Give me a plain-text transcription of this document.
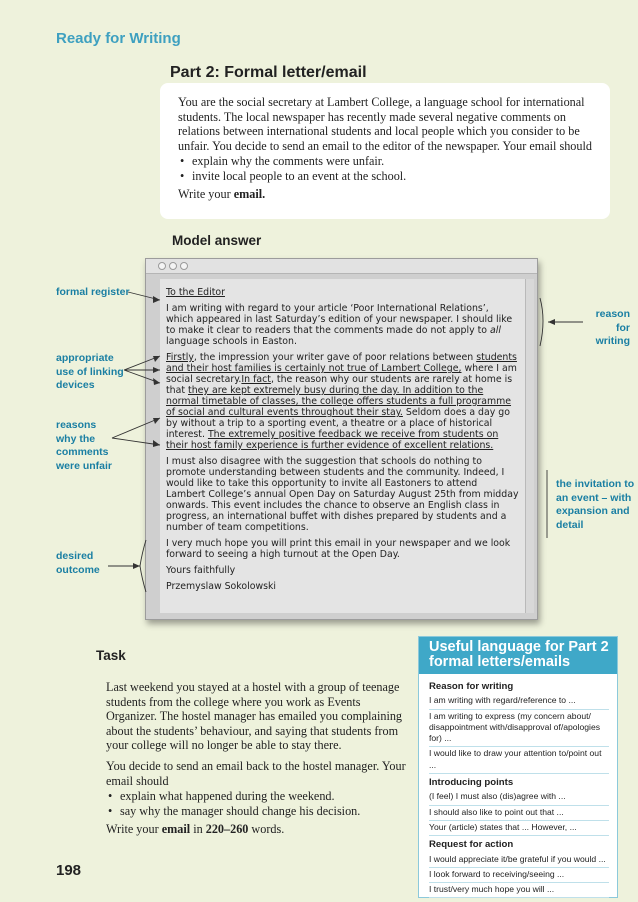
Ready for Writing
Part 2: Formal letter/email

You are the social secretary at Lambert College, a language school for international students. The local newspaper has recently made several negative comments on relations between international students and local people which you consider to be unfair. You decide to send an email to the editor of the newspaper. Your email should

• explain why the comments were unfair.
• invite local people to an event at the school.

Write your email.

Model answer

To the Editor

I am writing with regard to your article ‘Poor International Relations’, which appeared in last Saturday’s edition of your newspaper. I should like to make it clear to readers that the comments made do not apply to all language schools in Easton.

Firstly, the impression your writer gave of poor relations between students and their host families is certainly not true of Lambert College, where I am social secretary.In fact, the reason why our students are rarely at home is that they are kept extremely busy during the day. In addition to the normal timetable of classes, the college offers students a full programme of social and cultural events throughout their stay. Seldom does a day go by without a trip to a sporting event, a theatre or a place of historical interest. The extremely positive feedback we receive from students on their host family experience is further evidence of excellent relations.

I must also disagree with the suggestion that schools do nothing to promote understanding between students and the community. Indeed, I would like to take this opportunity to invite all Eastoners to attend Lambert College’s annual Open Day on Saturday August 25th from midday onwards. This event includes the chance to observe an English class in progress, an international buffet with dishes prepared by students and a number of team competitions.

I very much hope you will print this email in your newspaper and we look forward to seeing a high turnout at the Open Day.

Yours faithfully

Przemyslaw Sokolowski

formal register
appropriate
use of linking
devices
reasons
why the
comments
were unfair
desired
outcome
reason for
writing
the invitation to
an event – with
expansion and
detail
Useful language for Part 2
formal letters/emails
Reason for writing
I am writing with regard/reference to ...
I am writing to express (my concern about/ disappointment with/disapproval of/apologies for) ...
I would like to draw your attention to/point out ...
Introducing points
(I feel) I must also (dis)agree with ...
I should also like to point out that ...
Your (article) states that ... However, ...
Request for action
I would appreciate it/be grateful if you would ...
I look forward to receiving/seeing ...
I trust/very much hope you will ...
Task

Last weekend you stayed at a hostel with a group of teenage students from the college where you work as Events Organizer. The hostel manager has emailed you complaining about the students’ behaviour, and saying that students from your college will no longer be able to stay there.

You decide to send an email back to the hostel manager. Your email should

• explain what happened during the weekend.
• say why the manager should change his decision.

Write your email in 220–260 words.

198
